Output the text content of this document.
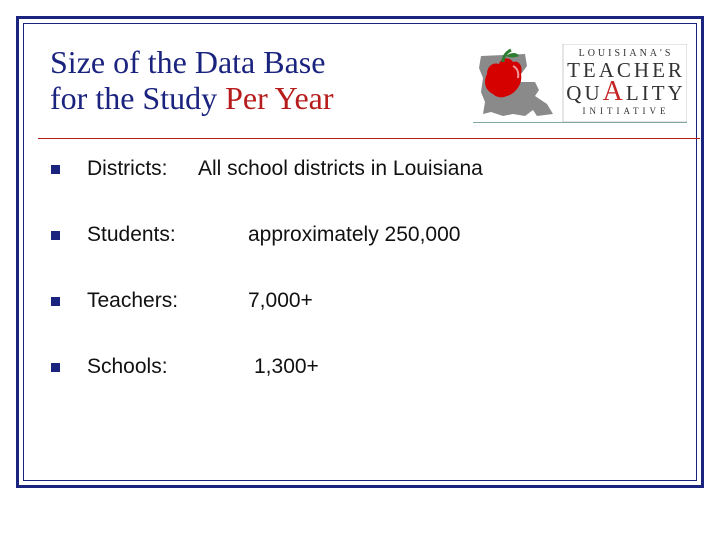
Size of the Data Base
for the Study Per Year
LOUISIANA'S
TEACHER
QUALITY
INITIATIVE
Districts: All school districts in Louisiana
Students:	approximately 250,000
Teachers:	7,000+
Schools:	1,300+
